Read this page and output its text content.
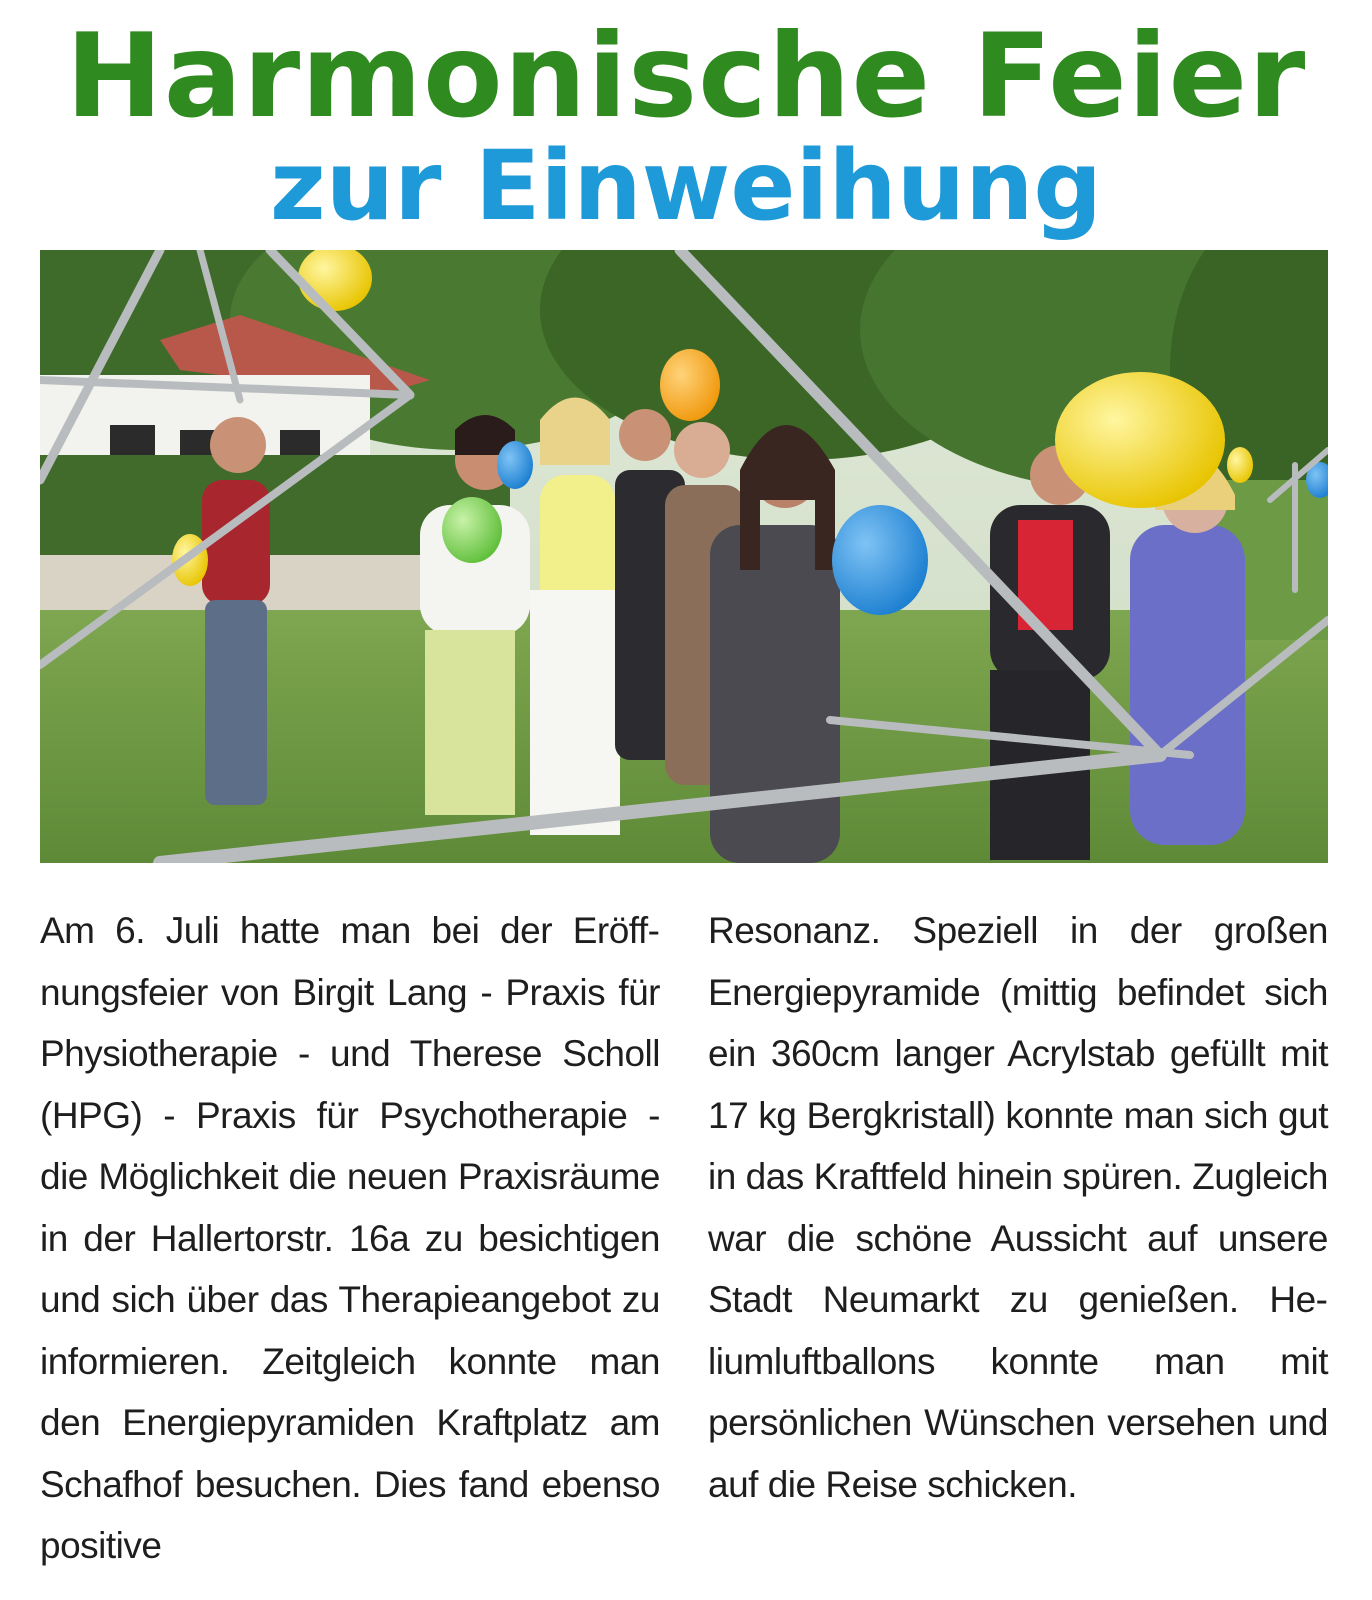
Harmonische Feier
zur Einweihung

Am 6. Juli hatte man bei der Eröffnungsfeier von Birgit Lang - Praxis für Physiotherapie - und Therese Scholl (HPG) - Praxis für Psychotherapie - die Möglichkeit die neuen Praxisräume in der Hallertorstr. 16a zu besichtigen und sich über das Therapieangebot zu informieren. Zeitgleich konnte man den Energiepyramiden Kraftplatz am Schafhof besuchen. Dies fand ebenso positive

Resonanz. Speziell in der großen Energiepyramide (mittig befindet sich ein 360cm langer Acrylstab gefüllt mit 17 kg Bergkristall) konnte man sich gut in das Kraftfeld hinein spüren. Zugleich war die schöne Aussicht auf unsere Stadt Neumarkt zu genießen. Heliumluftballons konnte man mit persönlichen Wünschen versehen und auf die Reise schicken.
